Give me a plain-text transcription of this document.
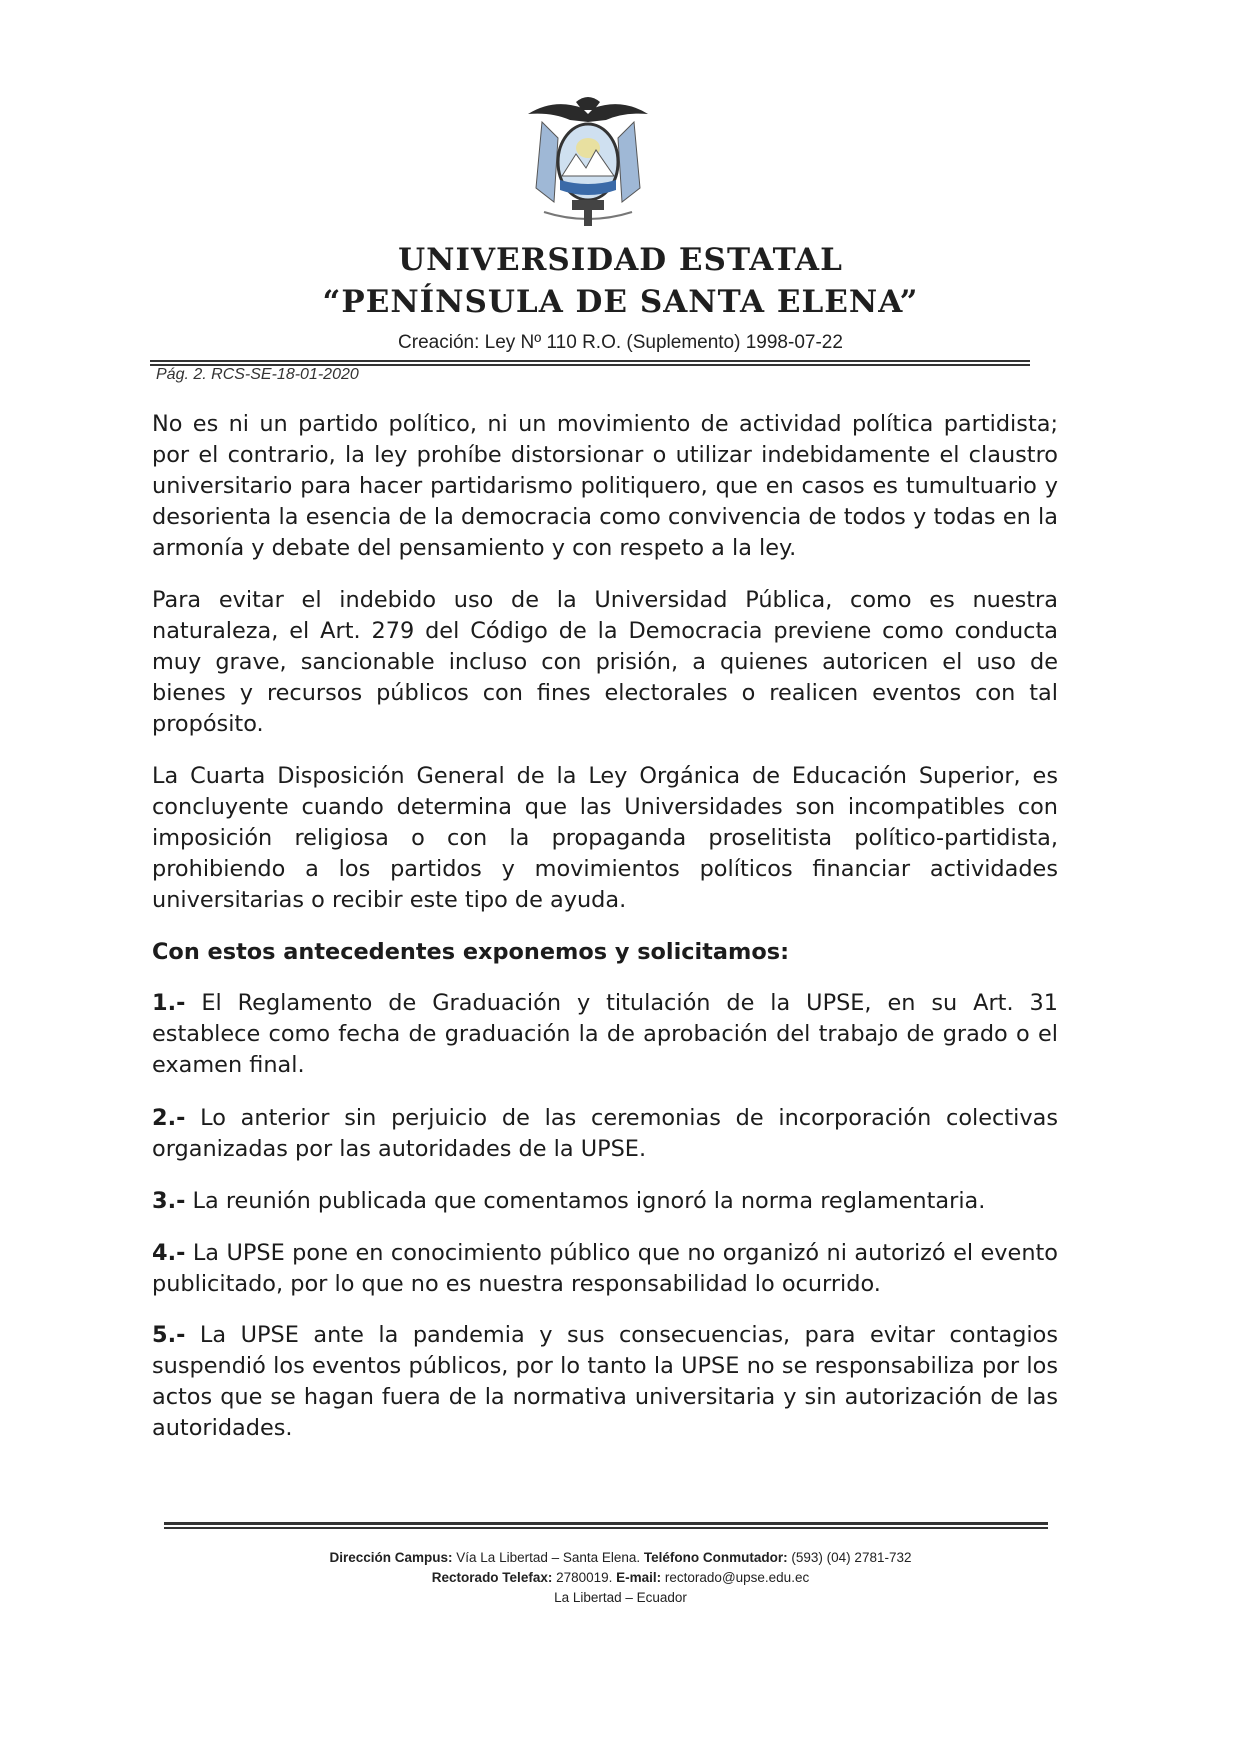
UNIVERSIDAD ESTATAL
“PENÍNSULA DE SANTA ELENA”
Creación: Ley Nº 110 R.O. (Suplemento) 1998-07-22
Pág. 2. RCS-SE-18-01-2020

No es ni un partido político, ni un movimiento de actividad política partidista; por el contrario, la ley prohíbe distorsionar o utilizar indebidamente el claustro universitario para hacer partidarismo politiquero, que en casos es tumultuario y desorienta la esencia de la democracia como convivencia de todos y todas en la armonía y debate del pensamiento y con respeto a la ley.

Para evitar el indebido uso de la Universidad Pública, como es nuestra naturaleza, el Art. 279 del Código de la Democracia previene como conducta muy grave, sancionable incluso con prisión, a quienes autoricen el uso de bienes y recursos públicos con fines electorales o realicen eventos con tal propósito.

La Cuarta Disposición General de la Ley Orgánica de Educación Superior, es concluyente cuando determina que las Universidades son incompatibles con imposición religiosa o con la propaganda proselitista político-partidista, prohibiendo a los partidos y movimientos políticos financiar actividades universitarias o recibir este tipo de ayuda.

Con estos antecedentes exponemos y solicitamos:

1.- El Reglamento de Graduación y titulación de la UPSE, en su Art. 31 establece como fecha de graduación la de aprobación del trabajo de grado o el examen final.

2.- Lo anterior sin perjuicio de las ceremonias de incorporación colectivas organizadas por las autoridades de la UPSE.

3.- La reunión publicada que comentamos ignoró la norma reglamentaria.

4.- La UPSE pone en conocimiento público que no organizó ni autorizó el evento publicitado, por lo que no es nuestra responsabilidad lo ocurrido.

5.- La UPSE ante la pandemia y sus consecuencias, para evitar contagios suspendió los eventos públicos, por lo tanto la UPSE no se responsabiliza por los actos que se hagan fuera de la normativa universitaria y sin autorización de las autoridades.

Dirección Campus: Vía La Libertad – Santa Elena. Teléfono Conmutador: (593) (04) 2781-732
Rectorado Telefax: 2780019. E-mail: rectorado@upse.edu.ec
La Libertad – Ecuador
